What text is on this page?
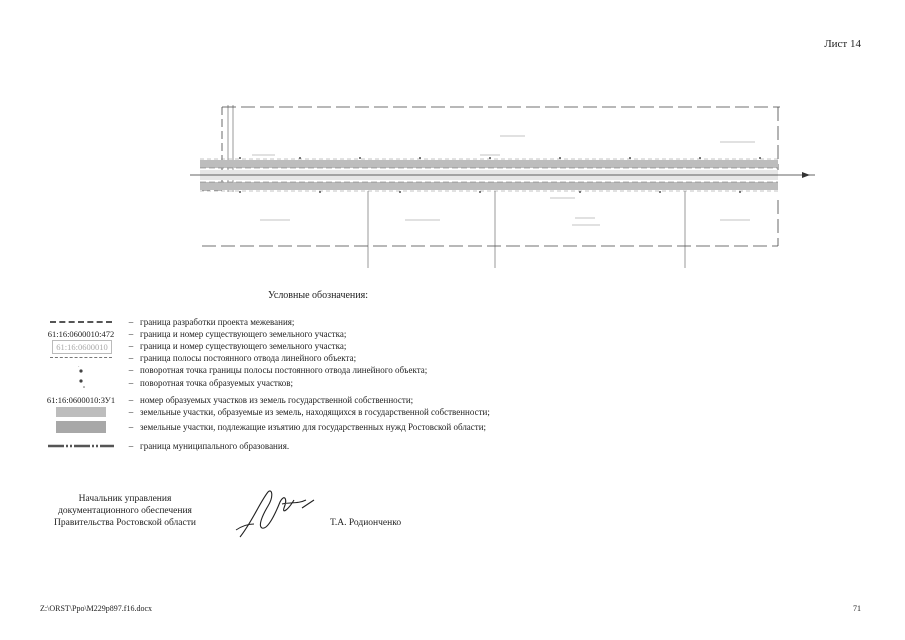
Лист 14
Условные обозначения:
– граница разработки проекта межевания;
61:16:0600010:472	– граница и номер существующего земельного участка;
61:16:0600010	– граница и номер существующего земельного участка;
– граница полосы постоянного отвода линейного объекта;
·	– поворотная точка границы полосы постоянного отвода линейного объекта;
– поворотная точка образуемых участков;
61:16:0600010:ЗУ1	– номер образуемых участков из земель государственной собственности;
– земельные участки, образуемые из земель, находящихся в государственной собственности;
– земельные участки, подлежащие изъятию для государственных нужд Ростовской области;
– граница муниципального образования.
Начальник управления
документационного обеспечения
Правительства Ростовской области	Т.А. Родионченко
Z:\ORST\Ppo\M229p897.f16.docx	71
